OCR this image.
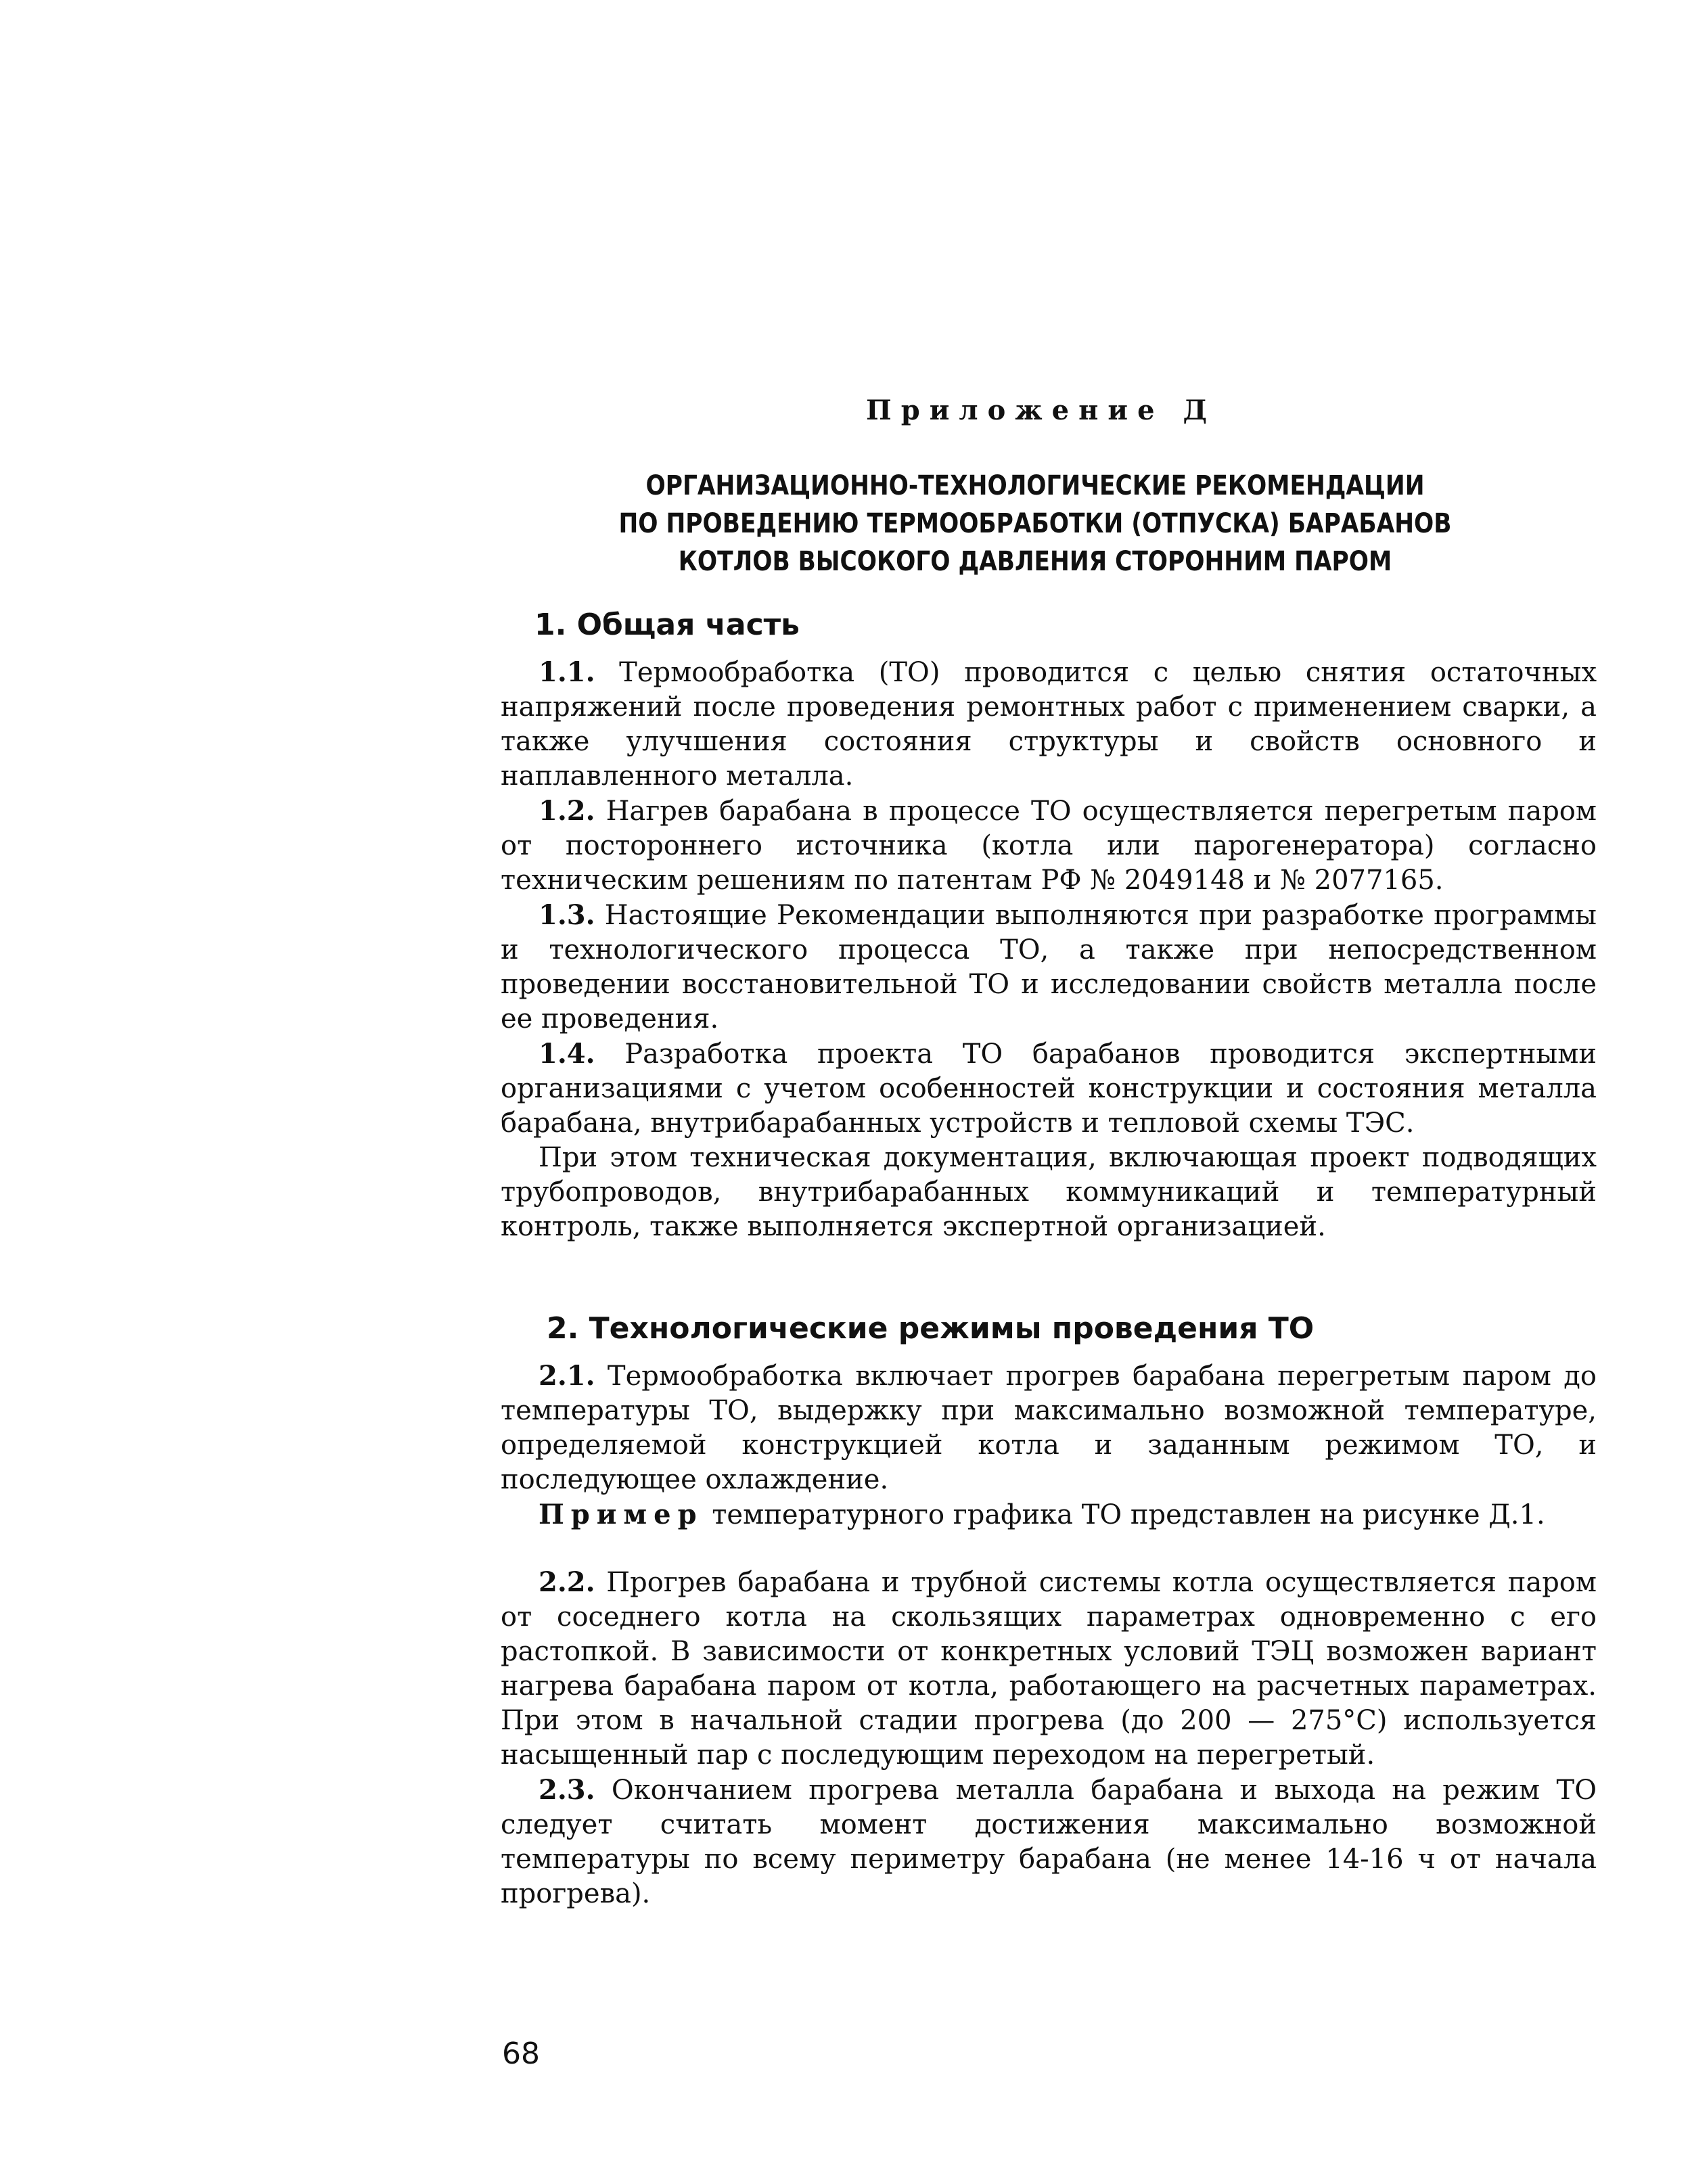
Приложение Д
ОРГАНИЗАЦИОННО-ТЕХНОЛОГИЧЕСКИЕ РЕКОМЕНДАЦИИ
ПО ПРОВЕДЕНИЮ ТЕРМООБРАБОТКИ (ОТПУСКА) БАРАБАНОВ
КОТЛОВ ВЫСОКОГО ДАВЛЕНИЯ СТОРОННИМ ПАРОМ
1. Общая часть

1.1. Термообработка (ТО) проводится с целью снятия остаточных напряжений после проведения ремонтных работ с применением сварки, а также улучшения состояния структуры и свойств основного и наплавленного металла.

1.2. Нагрев барабана в процессе ТО осуществляется перегретым паром от постороннего источника (котла или парогенератора) согласно техническим решениям по патентам РФ № 2049148 и № 2077165.

1.3. Настоящие Рекомендации выполняются при разработке программы и технологического процесса ТО, а также при непосредственном проведении восстановительной ТО и исследовании свойств металла после ее проведения.

1.4. Разработка проекта ТО барабанов проводится экспертными организациями с учетом особенностей конструкции и состояния металла барабана, внутрибарабанных устройств и тепловой схемы ТЭС.

При этом техническая документация, включающая проект подводящих трубопроводов, внутрибарабанных коммуникаций и температурный контроль, также выполняется экспертной организацией.

2. Технологические режимы проведения ТО

2.1. Термообработка включает прогрев барабана перегретым паром до температуры ТО, выдержку при максимально возможной температуре, определяемой конструкцией котла и заданным режимом ТО, и последующее охлаждение.

Пример температурного графика ТО представлен на рисунке Д.1.

2.2. Прогрев барабана и трубной системы котла осуществляется паром от соседнего котла на скользящих параметрах одновременно с его растопкой. В зависимости от конкретных условий ТЭЦ возможен вариант нагрева барабана паром от котла, работающего на расчетных параметрах. При этом в начальной стадии прогрева (до 200 — 275°С) используется насыщенный пар с последующим переходом на перегретый.

2.3. Окончанием прогрева металла барабана и выхода на режим ТО следует считать момент достижения максимально возможной температуры по всему периметру барабана (не менее 14-16 ч от начала прогрева).

68
